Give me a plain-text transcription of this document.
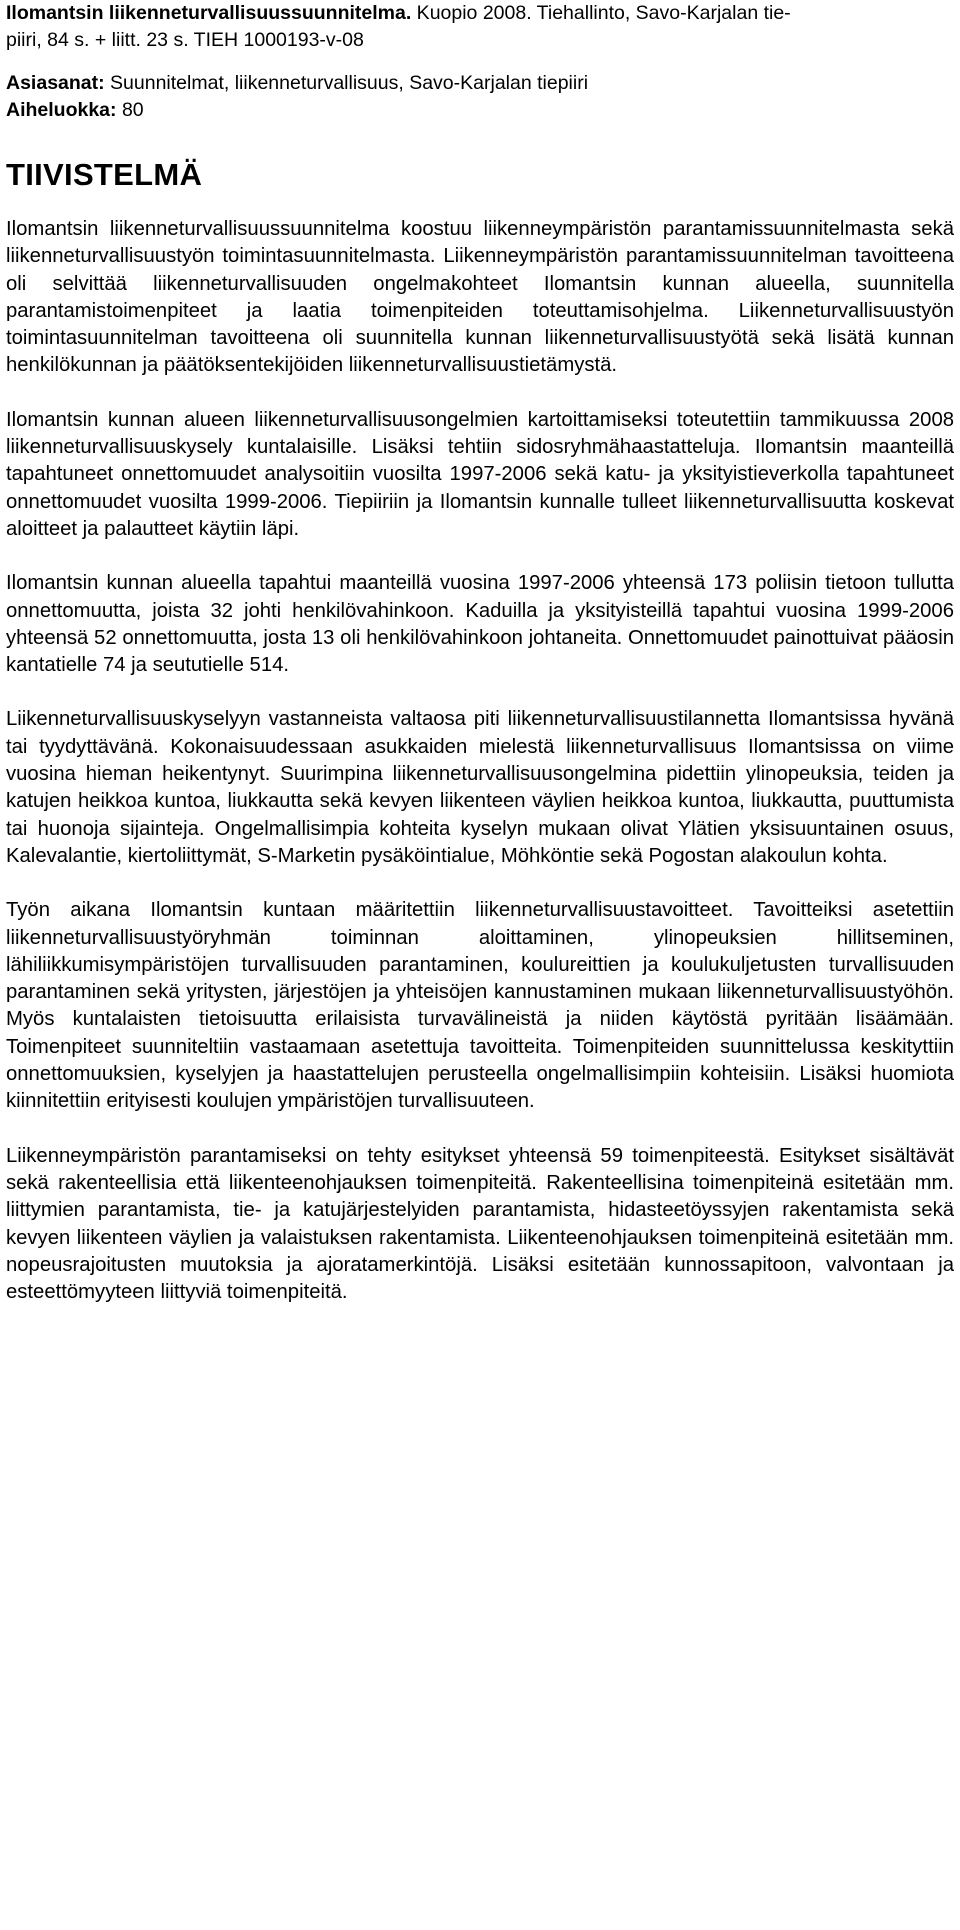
Ilomantsin liikenneturvallisuussuunnitelma. Kuopio 2008. Tiehallinto, Savo-Karjalan tie-
piiri, 84 s. + liitt. 23 s. TIEH 1000193-v-08
Asiasanat: Suunnitelmat, liikenneturvallisuus, Savo-Karjalan tiepiiri
Aiheluokka: 80
TIIVISTELMÄ

Ilomantsin liikenneturvallisuussuunnitelma koostuu liikenneympäristön parantamissuunnitelmasta sekä liikenneturvallisuustyön toimintasuunnitelmasta. Liikenneympäristön parantamissuunnitelman tavoitteena oli selvittää liikenneturvallisuuden ongelmakohteet Ilomantsin kunnan alueella, suunnitella parantamistoimenpiteet ja laatia toimenpiteiden toteuttamisohjelma. Liikenneturvallisuustyön toimintasuunnitelman tavoitteena oli suunnitella kunnan liikenneturvallisuustyötä sekä lisätä kunnan henkilökunnan ja päätöksentekijöiden liikenneturvallisuustietämystä.

Ilomantsin kunnan alueen liikenneturvallisuusongelmien kartoittamiseksi toteutettiin tammikuussa 2008 liikenneturvallisuuskysely kuntalaisille. Lisäksi tehtiin sidosryhmähaastatteluja. Ilomantsin maanteillä tapahtuneet onnettomuudet analysoitiin vuosilta 1997-2006 sekä katu- ja yksityistieverkolla tapahtuneet onnettomuudet vuosilta 1999-2006. Tiepiiriin ja Ilomantsin kunnalle tulleet liikenneturvallisuutta koskevat aloitteet ja palautteet käytiin läpi.

Ilomantsin kunnan alueella tapahtui maanteillä vuosina 1997-2006 yhteensä 173 poliisin tietoon tullutta onnettomuutta, joista 32 johti henkilövahinkoon. Kaduilla ja yksityisteillä tapahtui vuosina 1999-2006 yhteensä 52 onnettomuutta, josta 13 oli henkilövahinkoon johtaneita. Onnettomuudet painottuivat pääosin kantatielle 74 ja seututielle 514.

Liikenneturvallisuuskyselyyn vastanneista valtaosa piti liikenneturvallisuustilannetta Ilomantsissa hyvänä tai tyydyttävänä. Kokonaisuudessaan asukkaiden mielestä liikenneturvallisuus Ilomantsissa on viime vuosina hieman heikentynyt. Suurimpina liikenneturvallisuusongelmina pidettiin ylinopeuksia, teiden ja katujen heikkoa kuntoa, liukkautta sekä kevyen liikenteen väylien heikkoa kuntoa, liukkautta, puuttumista tai huonoja sijainteja. Ongelmallisimpia kohteita kyselyn mukaan olivat Ylätien yksisuuntainen osuus, Kalevalantie, kiertoliittymät, S-Marketin pysäköintialue, Möhköntie sekä Pogostan alakoulun kohta.

Työn aikana Ilomantsin kuntaan määritettiin liikenneturvallisuustavoitteet. Tavoitteiksi asetettiin liikenneturvallisuustyöryhmän toiminnan aloittaminen, ylinopeuksien hillitseminen, lähiliikkumisympäristöjen turvallisuuden parantaminen, koulureittien ja koulukuljetusten turvallisuuden parantaminen sekä yritysten, järjestöjen ja yhteisöjen kannustaminen mukaan liikenneturvallisuustyöhön. Myös kuntalaisten tietoisuutta erilaisista turvavälineistä ja niiden käytöstä pyritään lisäämään. Toimenpiteet suunniteltiin vastaamaan asetettuja tavoitteita. Toimenpiteiden suunnittelussa keskityttiin onnettomuuksien, kyselyjen ja haastattelujen perusteella ongelmallisimpiin kohteisiin. Lisäksi huomiota kiinnitettiin erityisesti koulujen ympäristöjen turvallisuuteen.

Liikenneympäristön parantamiseksi on tehty esitykset yhteensä 59 toimenpiteestä. Esitykset sisältävät sekä rakenteellisia että liikenteenohjauksen toimenpiteitä. Rakenteellisina toimenpiteinä esitetään mm. liittymien parantamista, tie- ja katujärjestelyiden parantamista, hidasteetöyssyjen rakentamista sekä kevyen liikenteen väylien ja valaistuksen rakentamista. Liikenteenohjauksen toimenpiteinä esitetään mm. nopeusrajoitusten muutoksia ja ajoratamerkintöjä. Lisäksi esitetään kunnossapitoon, valvontaan ja esteettömyyteen liittyviä toimenpiteitä.
